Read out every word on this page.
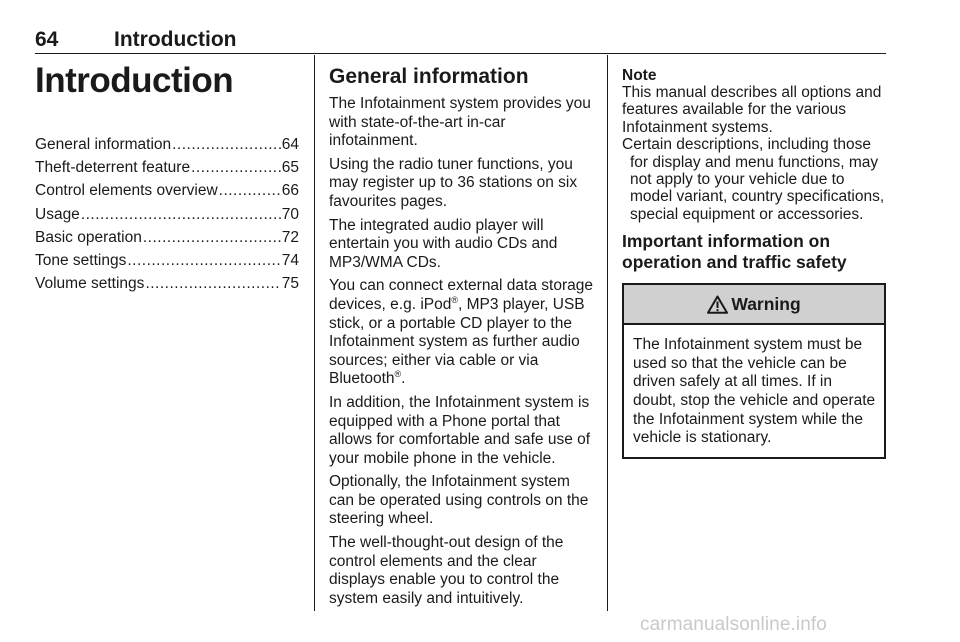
64	Introduction
Introduction
General information .....	64
Theft-deterrent feature .....	65
Control elements overview .....	66
Usage .....	70
Basic operation .....	72
Tone settings .....	74
Volume settings .....	75
General information

The Infotainment system provides you with state-of-the-art in-car infotainment.

Using the radio tuner functions, you may register up to 36 stations on six favourites pages.

The integrated audio player will entertain you with audio CDs and MP3/WMA CDs.

You can connect external data storage devices, e.g. iPod®, MP3 player, USB stick, or a portable CD player to the Infotainment system as further audio sources; either via cable or via Bluetooth®.

In addition, the Infotainment system is equipped with a Phone portal that allows for comfortable and safe use of your mobile phone in the vehicle.

Optionally, the Infotainment system can be operated using controls on the steering wheel.

The well-thought-out design of the control elements and the clear displays enable you to control the system easily and intuitively.

Note
This manual describes all options and features available for the various Infotainment systems.
Certain descriptions, including those for display and menu functions, may not apply to your vehicle due to model variant, country specifications, special equipment or accessories.
Important information on operation and traffic safety
Warning
The Infotainment system must be used so that the vehicle can be driven safely at all times. If in doubt, stop the vehicle and operate the Infotainment system while the vehicle is stationary.
carmanualsonline.info
